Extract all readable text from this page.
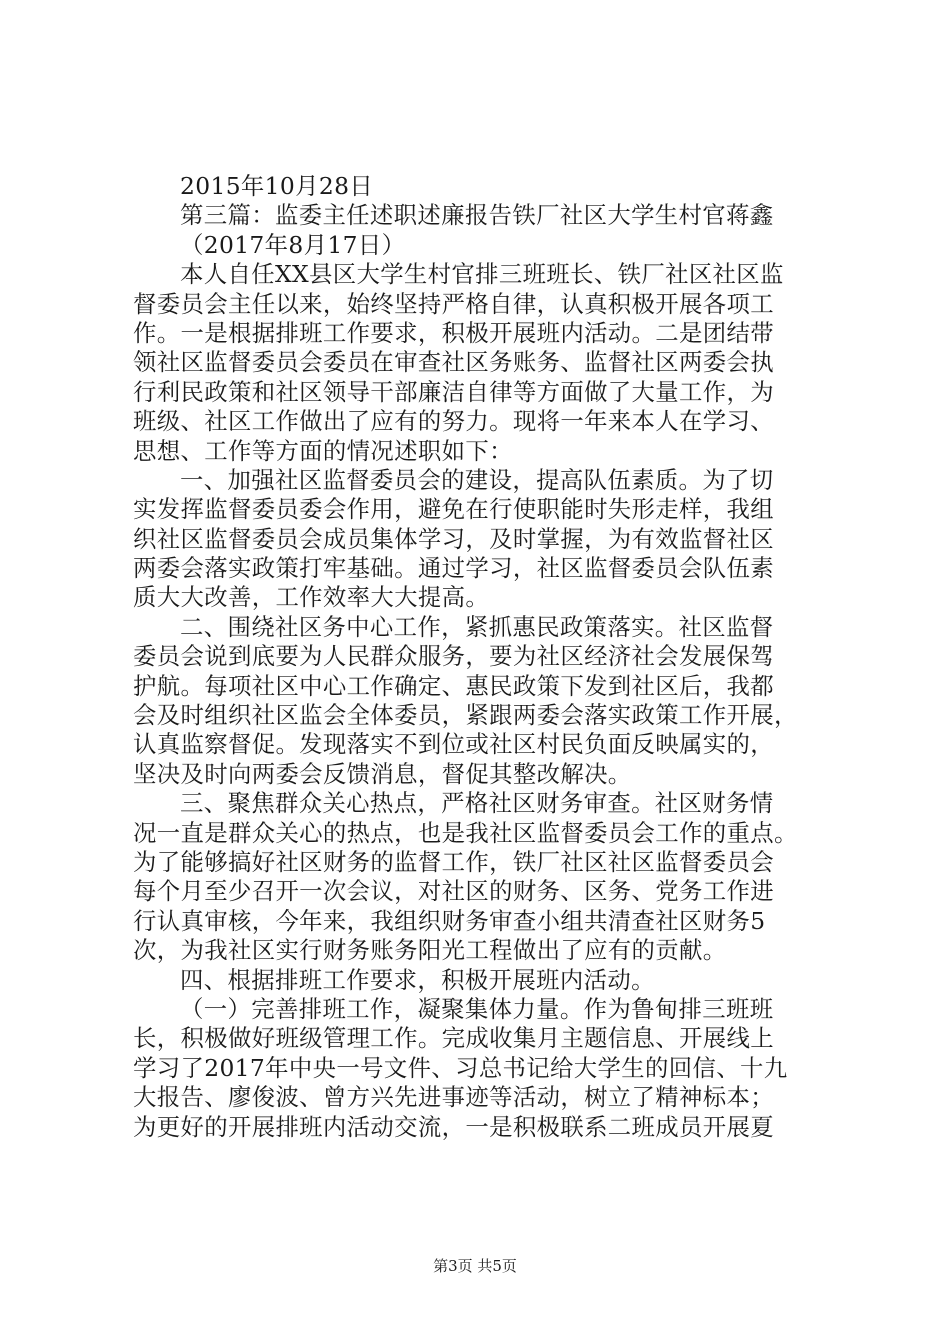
2015年10月28日
第三篇：监委主任述职述廉报告铁厂社区大学生村官蒋鑫
（2017年8月17日）
本人自任XX县区大学生村官排三班班长、铁厂社区社区监
督委员会主任以来，始终坚持严格自律，认真积极开展各项工
作。一是根据排班工作要求，积极开展班内活动。二是团结带
领社区监督委员会委员在审查社区务账务、监督社区两委会执
行利民政策和社区领导干部廉洁自律等方面做了大量工作，为
班级、社区工作做出了应有的努力。现将一年来本人在学习、
思想、工作等方面的情况述职如下：
一、加强社区监督委员会的建设，提高队伍素质。为了切
实发挥监督委员委会作用，避免在行使职能时失形走样，我组
织社区监督委员会成员集体学习，及时掌握，为有效监督社区
两委会落实政策打牢基础。通过学习，社区监督委员会队伍素
质大大改善，工作效率大大提高。
二、围绕社区务中心工作，紧抓惠民政策落实。社区监督
委员会说到底要为人民群众服务，要为社区经济社会发展保驾
护航。每项社区中心工作确定、惠民政策下发到社区后，我都
会及时组织社区监会全体委员，紧跟两委会落实政策工作开展，
认真监察督促。发现落实不到位或社区村民负面反映属实的，
坚决及时向两委会反馈消息，督促其整改解决。
三、聚焦群众关心热点，严格社区财务审查。社区财务情
况一直是群众关心的热点，也是我社区监督委员会工作的重点。
为了能够搞好社区财务的监督工作，铁厂社区社区监督委员会
每个月至少召开一次会议，对社区的财务、区务、党务工作进
行认真审核，今年来，我组织财务审查小组共清查社区财务5
次，为我社区实行财务账务阳光工程做出了应有的贡献。
四、根据排班工作要求，积极开展班内活动。
（一）完善排班工作，凝聚集体力量。作为鲁甸排三班班
长，积极做好班级管理工作。完成收集月主题信息、开展线上
学习了2017年中央一号文件、习总书记给大学生的回信、十九
大报告、廖俊波、曾方兴先进事迹等活动，树立了精神标本；
为更好的开展排班内活动交流，一是积极联系二班成员开展夏
第3页 共5页
